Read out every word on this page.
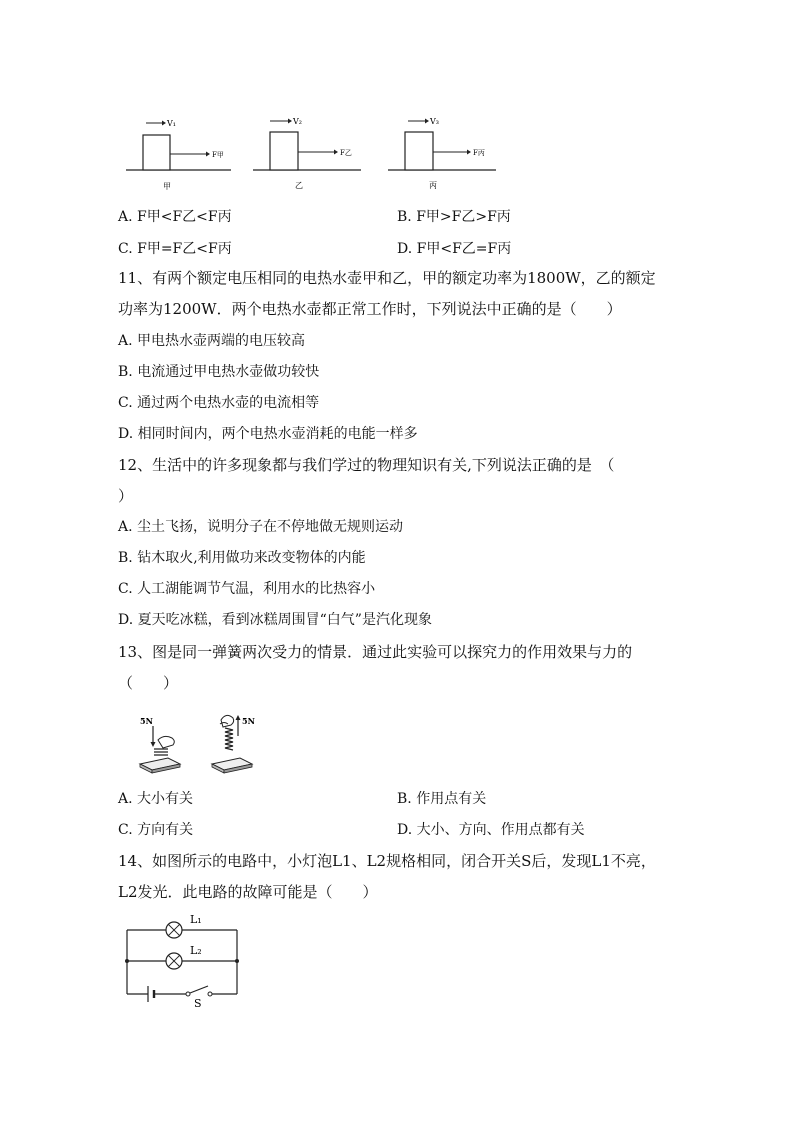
V₁
F甲
甲
V₂
F乙
乙
V₃
F丙
丙
A. F甲<F乙<F丙	B. F甲>F乙>F丙
C. F甲=F乙<F丙	D. F甲<F乙=F丙
11、有两个额定电压相同的电热水壶甲和乙，甲的额定功率为1800W，乙的额定
功率为1200W．两个电热水壶都正常工作时，下列说法中正确的是（　　）
A. 甲电热水壶两端的电压较高
B. 电流通过甲电热水壶做功较快
C. 通过两个电热水壶的电流相等
D. 相同时间内，两个电热水壶消耗的电能一样多
12、生活中的许多现象都与我们学过的物理知识有关,下列说法正确的是　（
）
A. 尘土飞扬，说明分子在不停地做无规则运动
B. 钻木取火,利用做功来改变物体的内能
C. 人工湖能调节气温，利用水的比热容小
D. 夏天吃冰糕，看到冰糕周围冒“白气”是汽化现象
13、图是同一弹簧两次受力的情景．通过此实验可以探究力的作用效果与力的
（　　）
5N	5N
A. 大小有关	B. 作用点有关
C. 方向有关	D. 大小、方向、作用点都有关
14、如图所示的电路中，小灯泡L1、L2规格相同，闭合开关S后，发现L1不亮，
L2发光．此电路的故障可能是（　　）
L₁
L₂
S
